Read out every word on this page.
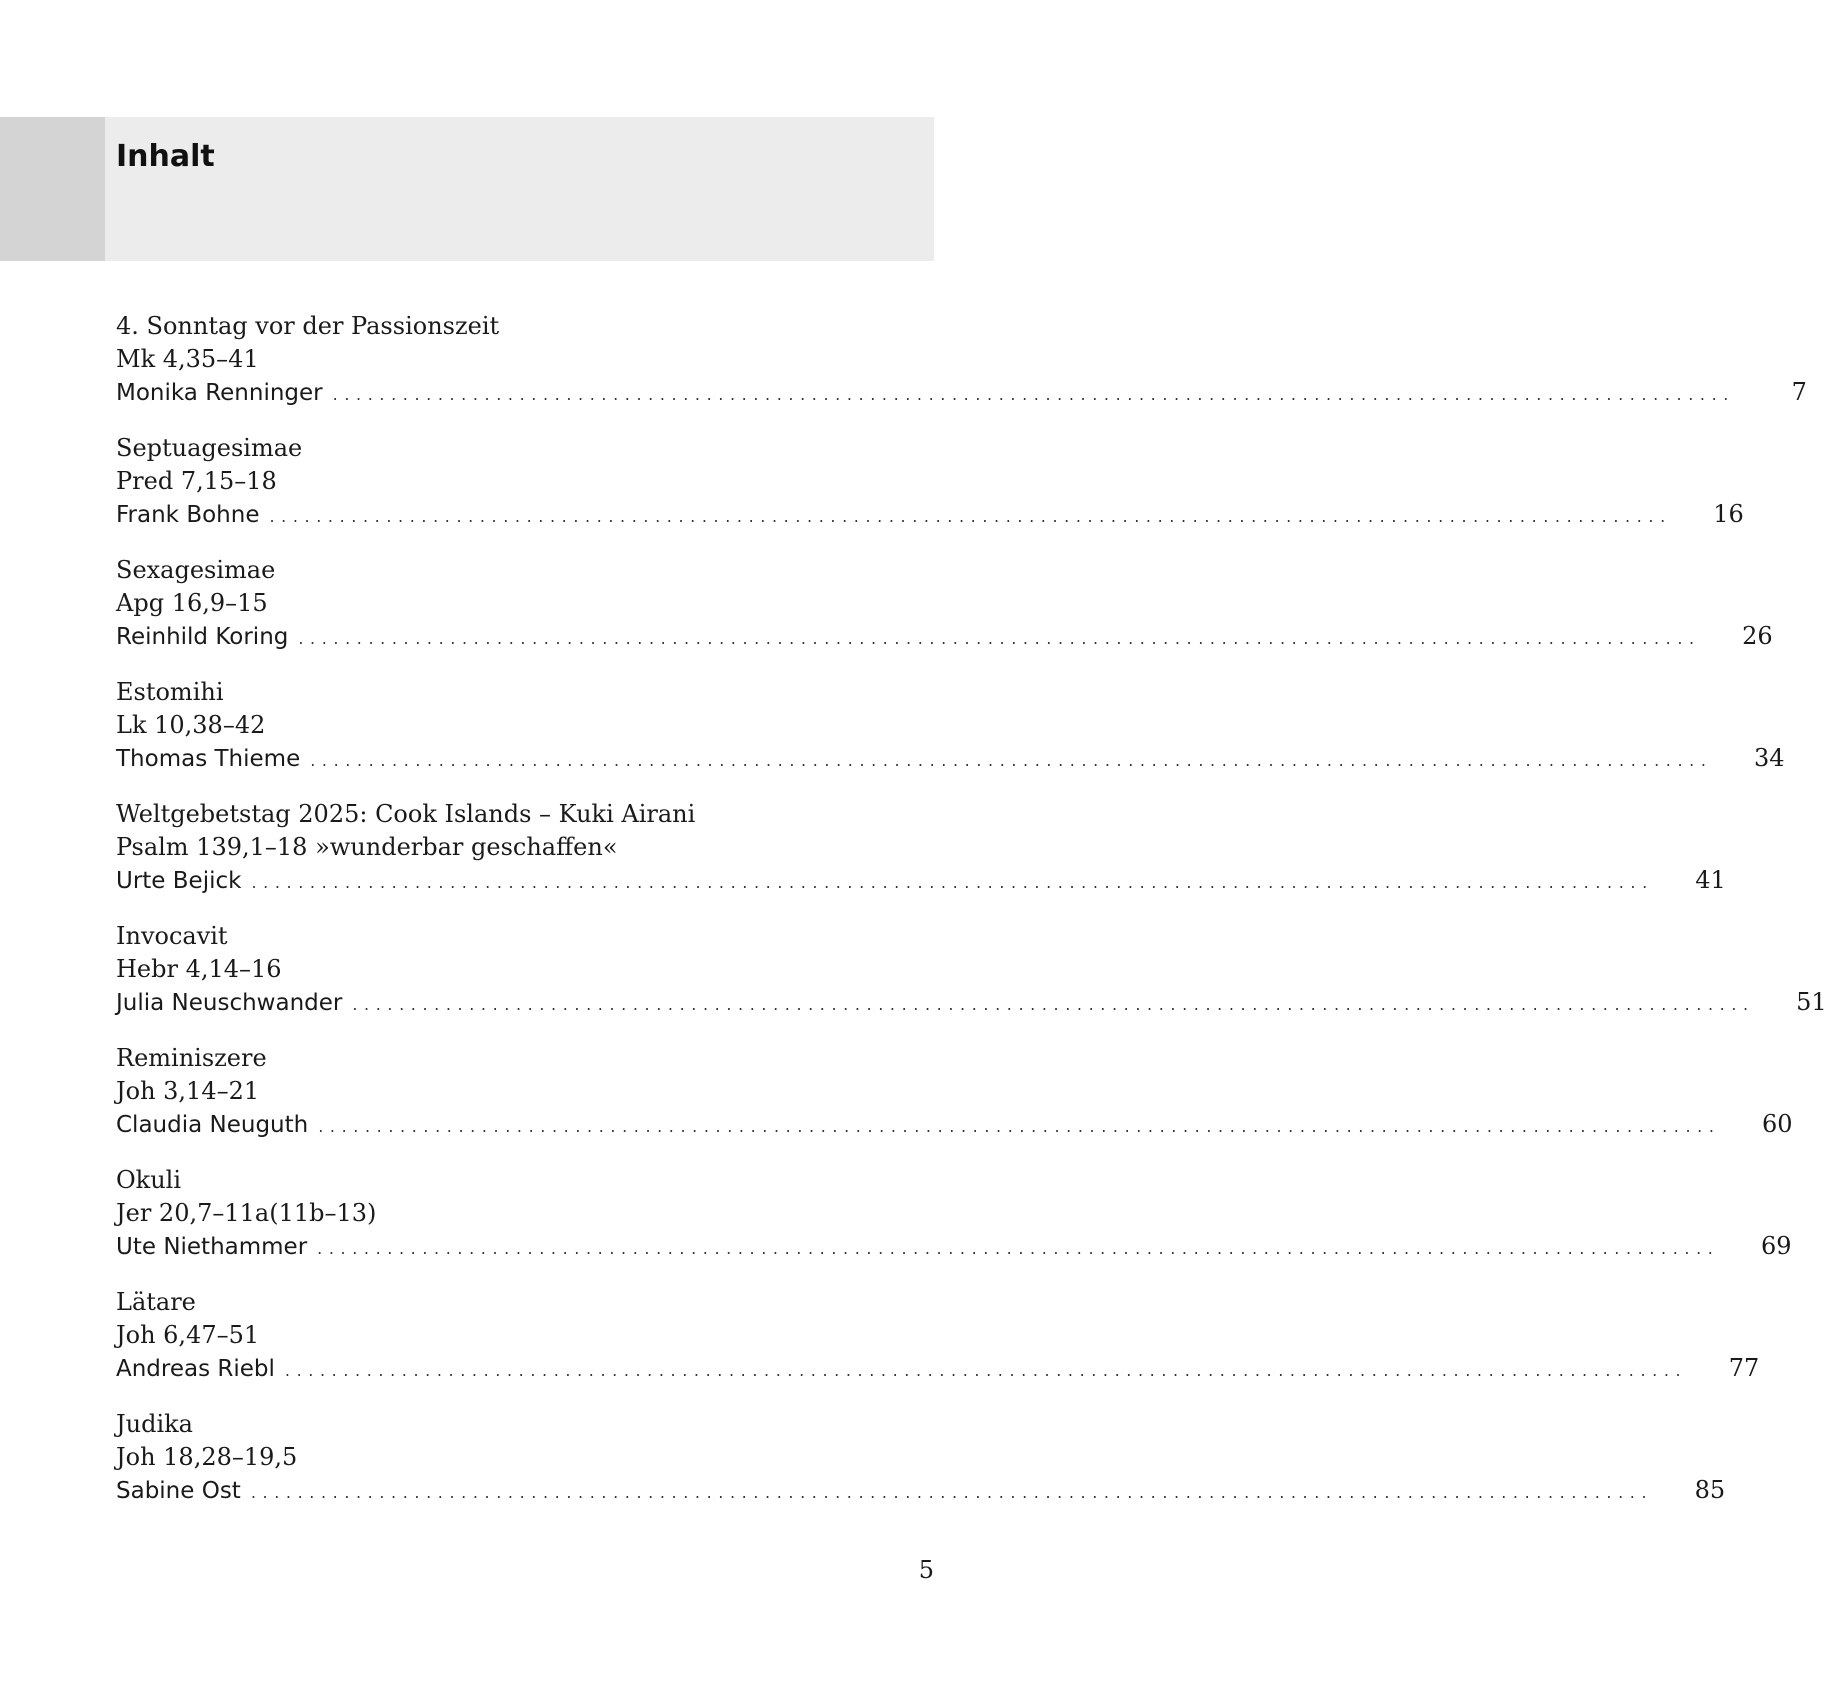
Inhalt
4. Sonntag vor der Passionszeit
Mk 4,35–41
Monika Renninger ........................................................................................................................	7
Septuagesimae
Pred 7,15–18
Frank Bohne ........................................................................................................................	16
Sexagesimae
Apg 16,9–15
Reinhild Koring ........................................................................................................................	26
Estomihi
Lk 10,38–42
Thomas Thieme ........................................................................................................................	34
Weltgebetstag 2025: Cook Islands – Kuki Airani
Psalm 139,1–18 »wunderbar geschaffen«
Urte Bejick ........................................................................................................................	41
Invocavit
Hebr 4,14–16
Julia Neuschwander ........................................................................................................................	51
Reminiszere
Joh 3,14–21
Claudia Neuguth ........................................................................................................................	60
Okuli
Jer 20,7–11a(11b–13)
Ute Niethammer ........................................................................................................................	69
Lätare
Joh 6,47–51
Andreas Riebl ........................................................................................................................	77
Judika
Joh 18,28–19,5
Sabine Ost ........................................................................................................................	85
5
